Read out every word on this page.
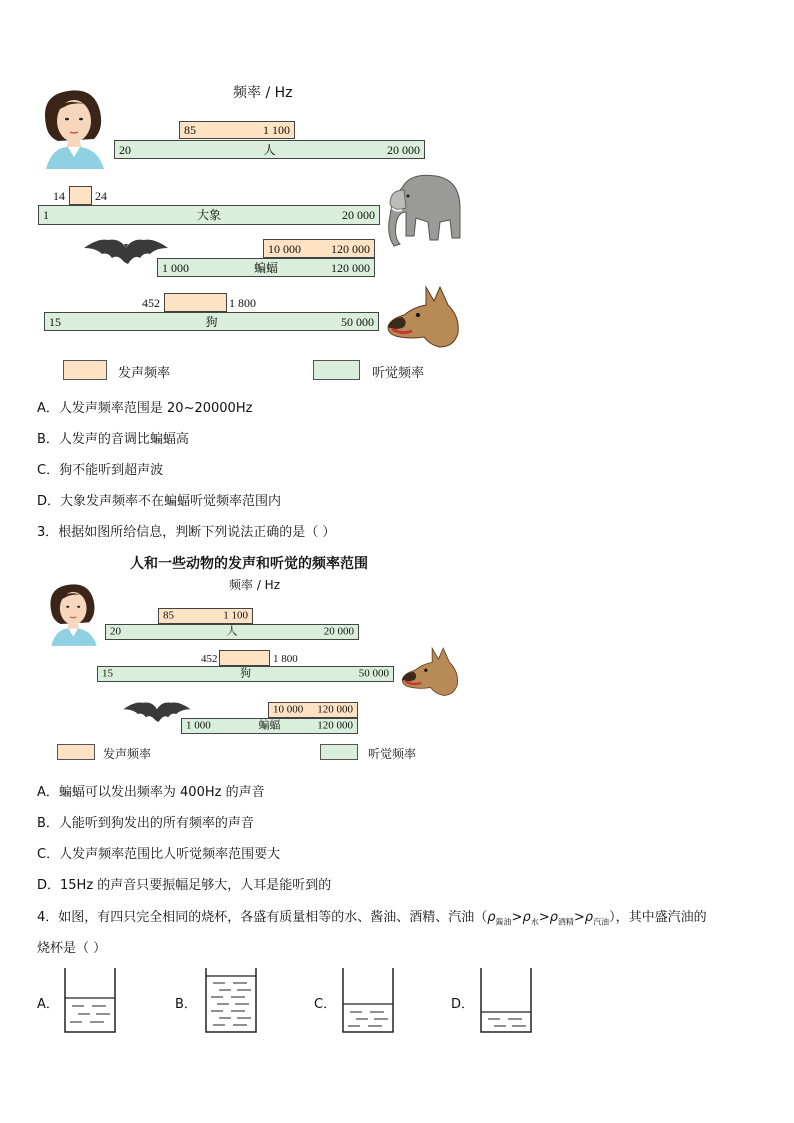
频率 / Hz
85	1 100
20	人	20 000
14	24
1	大象	20 000
10 000	120 000
1 000	蝙蝠	120 000
452	1 800
15	狗	50 000
发声频率	听觉频率
A．人发声频率范围是 20~20000Hz
B．人发声的音调比蝙蝠高
C．狗不能听到超声波
D．大象发声频率不在蝙蝠听觉频率范围内
3．根据如图所给信息，判断下列说法正确的是（ ）
人和一些动物的发声和听觉的频率范围
频率 / Hz
85	1 100
20	人	20 000
452	1 800
15	狗	50 000
10 000 120 000
1 000	蝙蝠	120 000
发声频率	听觉频率
A．蝙蝠可以发出频率为 400Hz 的声音
B．人能听到狗发出的所有频率的声音
C．人发声频率范围比人听觉频率范围要大
D．15Hz 的声音只要振幅足够大，人耳是能听到的
4．如图，有四只完全相同的烧杯，各盛有质量相等的水、酱油、酒精、汽油$(\rho_{酱油}>\rho_水>\rho_{酒精}>\rho_{汽油})$，其中盛汽油的
烧杯是（ ）
A．	B．	C．	D．
